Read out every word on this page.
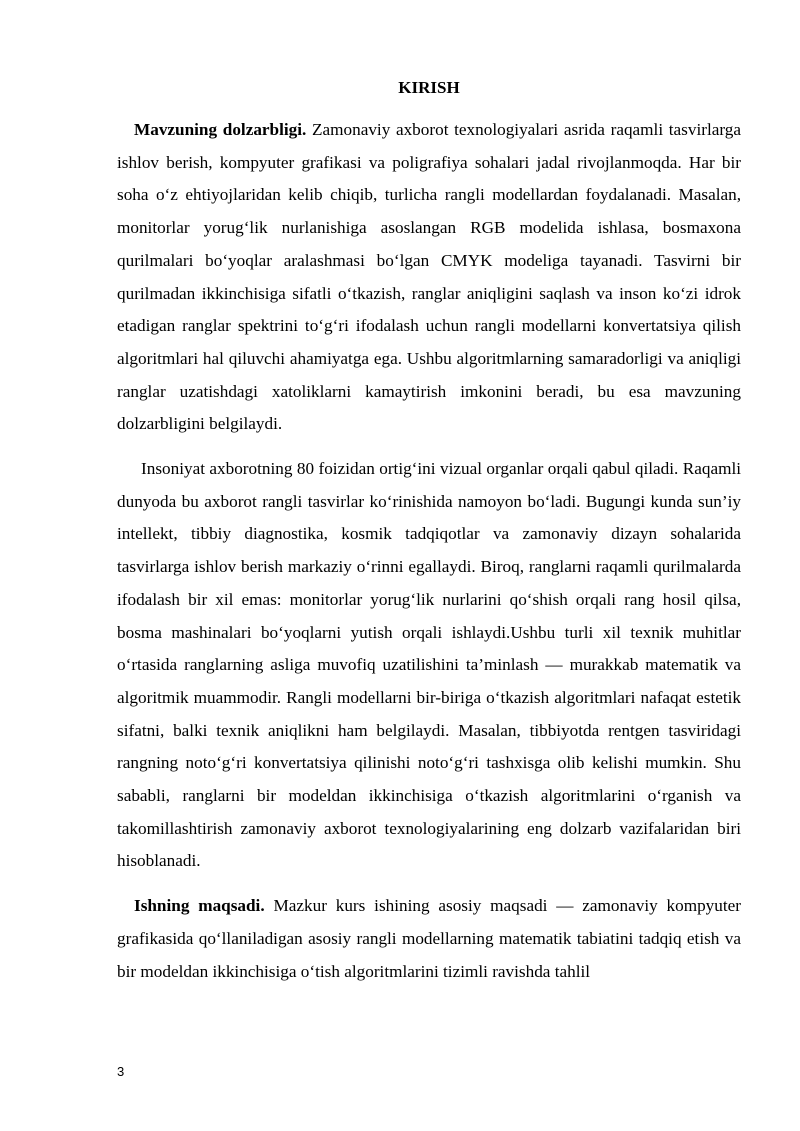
KIRISH

Mavzuning dolzarbligi. Zamonaviy axborot texnologiyalari asrida raqamli tasvirlarga ishlov berish, kompyuter grafikasi va poligrafiya sohalari jadal rivojlanmoqda. Har bir soha o‘z ehtiyojlaridan kelib chiqib, turlicha rangli modellardan foydalanadi. Masalan, monitorlar yorug‘lik nurlanishiga asoslangan RGB modelida ishlasa, bosmaxona qurilmalari bo‘yoqlar aralashmasi bo‘lgan CMYK modeliga tayanadi. Tasvirni bir qurilmadan ikkinchisiga sifatli o‘tkazish, ranglar aniqligini saqlash va inson ko‘zi idrok etadigan ranglar spektrini to‘g‘ri ifodalash uchun rangli modellarni konvertatsiya qilish algoritmlari hal qiluvchi ahamiyatga ega. Ushbu algoritmlarning samaradorligi va aniqligi ranglar uzatishdagi xatoliklarni kamaytirish imkonini beradi, bu esa mavzuning dolzarbligini belgilaydi.

Insoniyat axborotning 80 foizidan ortig‘ini vizual organlar orqali qabul qiladi. Raqamli dunyoda bu axborot rangli tasvirlar ko‘rinishida namoyon bo‘ladi. Bugungi kunda sun’iy intellekt, tibbiy diagnostika, kosmik tadqiqotlar va zamonaviy dizayn sohalarida tasvirlarga ishlov berish markaziy o‘rinni egallaydi. Biroq, ranglarni raqamli qurilmalarda ifodalash bir xil emas: monitorlar yorug‘lik nurlarini qo‘shish orqali rang hosil qilsa, bosma mashinalari bo‘yoqlarni yutish orqali ishlaydi.Ushbu turli xil texnik muhitlar o‘rtasida ranglarning asliga muvofiq uzatilishini ta’minlash — murakkab matematik va algoritmik muammodir. Rangli modellarni bir-biriga o‘tkazish algoritmlari nafaqat estetik sifatni, balki texnik aniqlikni ham belgilaydi. Masalan, tibbiyotda rentgen tasviridagi rangning noto‘g‘ri konvertatsiya qilinishi noto‘g‘ri tashxisga olib kelishi mumkin. Shu sababli, ranglarni bir modeldan ikkinchisiga o‘tkazish algoritmlarini o‘rganish va takomillashtirish zamonaviy axborot texnologiyalarining eng dolzarb vazifalaridan biri hisoblanadi.

Ishning maqsadi. Mazkur kurs ishining asosiy maqsadi — zamonaviy kompyuter grafikasida qo‘llaniladigan asosiy rangli modellarning matematik tabiatini tadqiq etish va bir modeldan ikkinchisiga o‘tish algoritmlarini tizimli ravishda tahlil

3
